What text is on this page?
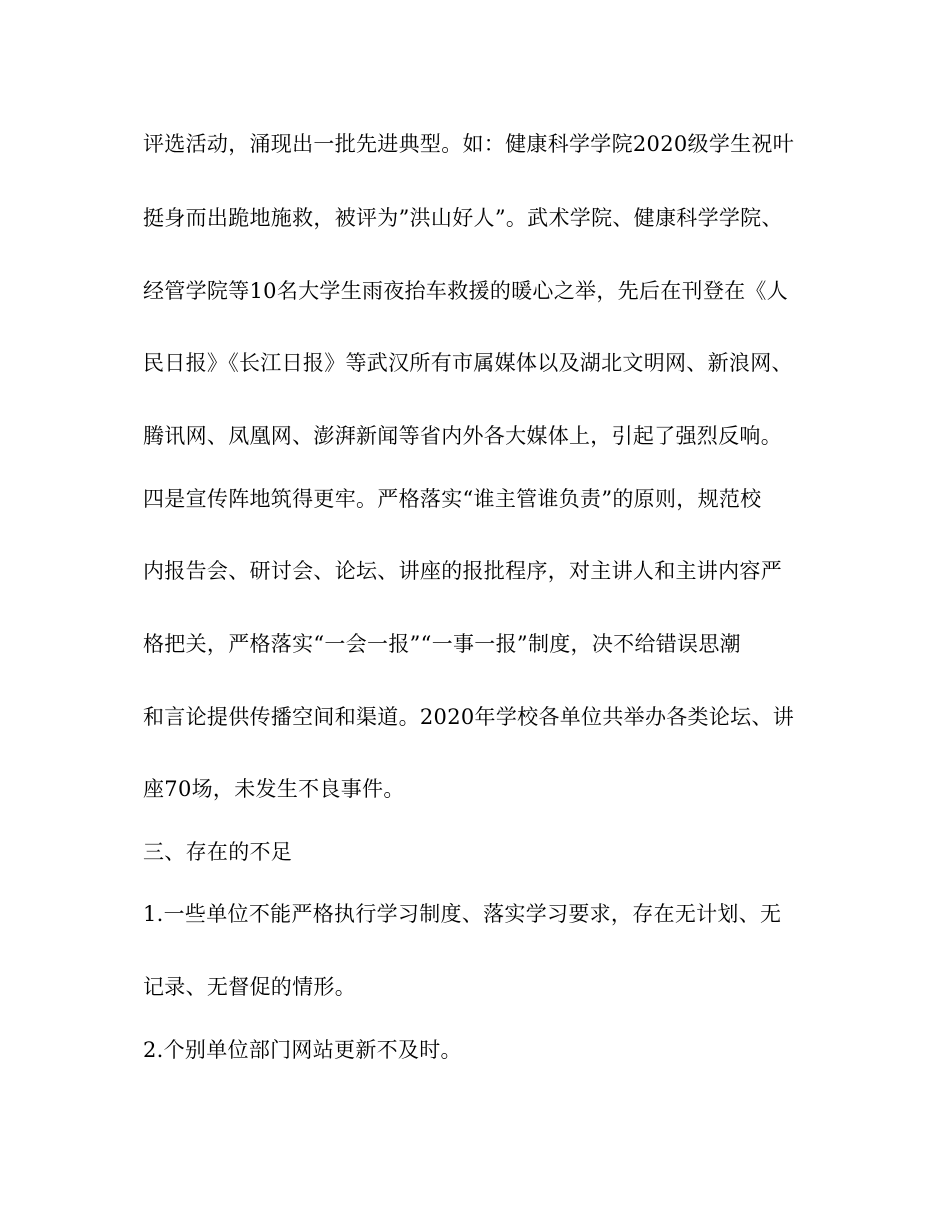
评选活动，涌现出一批先进典型。如：健康科学学院2020级学生祝叶

挺身而出跪地施救，被评为”洪山好人”。武术学院、健康科学学院、

经管学院等10名大学生雨夜抬车救援的暖心之举，先后在刊登在《人

民日报》《长江日报》等武汉所有市属媒体以及湖北文明网、新浪网、

腾讯网、凤凰网、澎湃新闻等省内外各大媒体上，引起了强烈反响。

四是宣传阵地筑得更牢。严格落实“谁主管谁负责”的原则，规范校

内报告会、研讨会、论坛、讲座的报批程序，对主讲人和主讲内容严

格把关，严格落实“一会一报”“一事一报”制度，决不给错误思潮

和言论提供传播空间和渠道。2020年学校各单位共举办各类论坛、讲

座70场，未发生不良事件。

三、存在的不足

1.一些单位不能严格执行学习制度、落实学习要求，存在无计划、无

记录、无督促的情形。

2.个别单位部门网站更新不及时。
